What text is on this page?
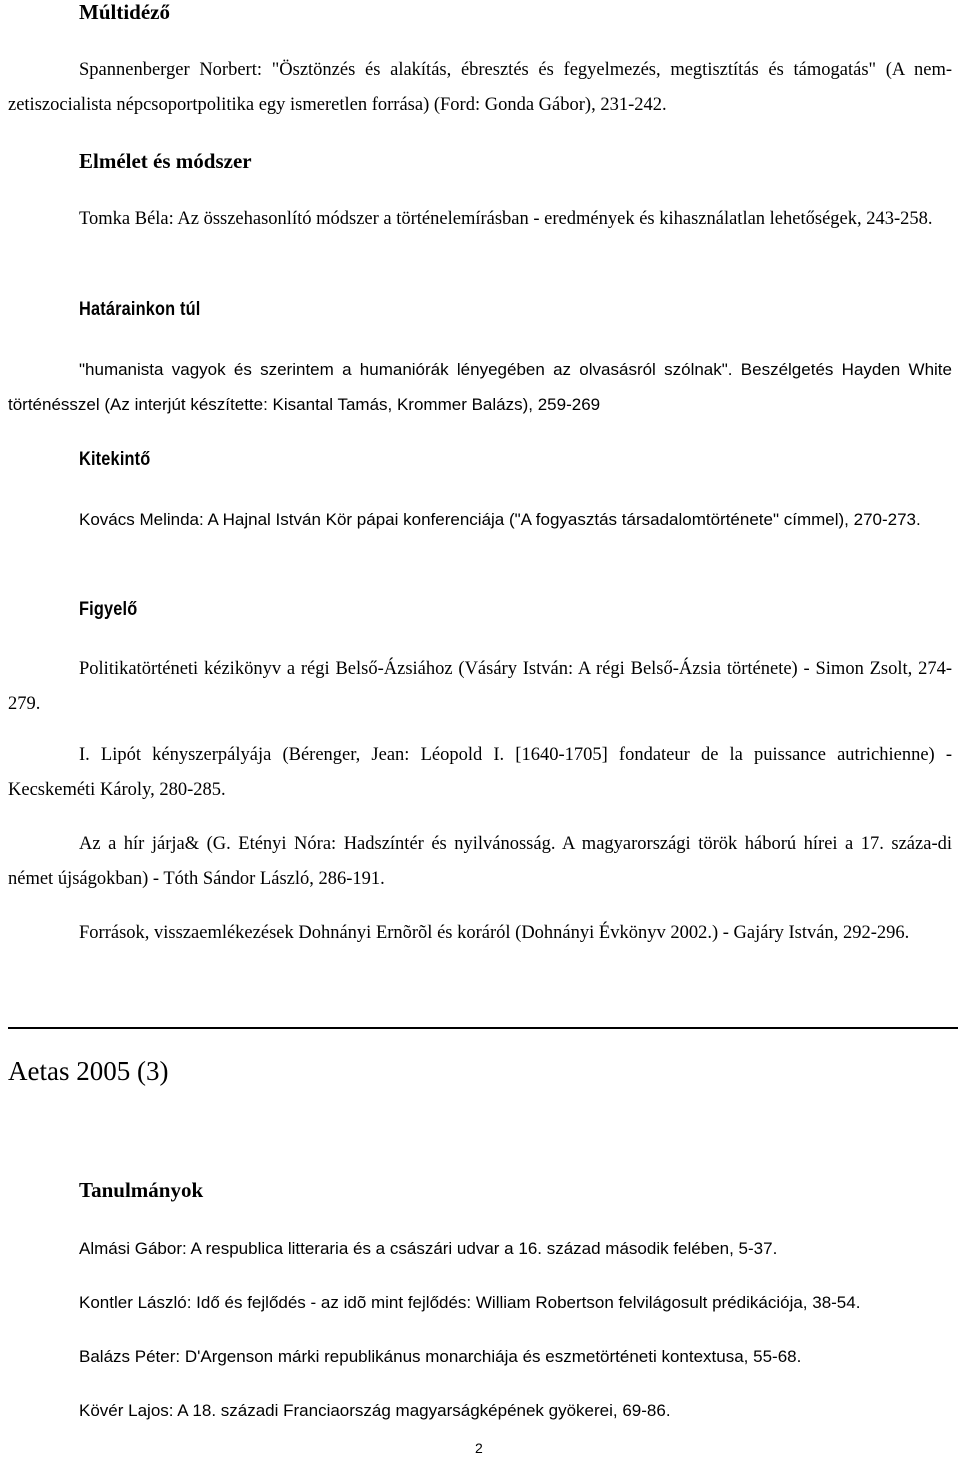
Múltidéző
Spannenberger Norbert: "Ösztönzés és alakítás, ébresztés és fegyelmezés, megtisztítás és támogatás" (A nem-zetiszocialista népcsoportpolitika egy ismeretlen forrása) (Ford: Gonda Gábor), 231-242.
Elmélet és módszer
Tomka Béla: Az összehasonlító módszer a történelemírásban - eredmények és kihasználatlan lehetőségek, 243-258.
Határainkon túl
"humanista vagyok és szerintem a humaniórák lényegében az olvasásról szólnak". Beszélgetés Hayden White történésszel (Az interjút készítette: Kisantal Tamás, Krommer Balázs), 259-269
Kitekintő
Kovács Melinda: A Hajnal István Kör pápai konferenciája ("A fogyasztás társadalomtörténete" címmel), 270-273.
Figyelő
Politikatörténeti kézikönyv a régi Belső-Ázsiához (Vásáry István: A régi Belső-Ázsia története) - Simon Zsolt, 274-279.
I. Lipót kényszerpályája (Bérenger, Jean: Léopold I. [1640-1705] fondateur de la puissance autrichienne) - Kecskeméti Károly, 280-285.
Az a hír járja& (G. Etényi Nóra: Hadszíntér és nyilvánosság. A magyarországi török háború hírei a 17. száza-di német újságokban) - Tóth Sándor László, 286-191.
Források, visszaemlékezések Dohnányi Ernõrõl és koráról (Dohnányi Évkönyv 2002.) - Gajáry István, 292-296.
Aetas 2005 (3)
Tanulmányok
Almási Gábor: A respublica litteraria és a császári udvar a 16. század második felében, 5-37.
Kontler László: Idő és fejlődés - az idõ mint fejlődés: William Robertson felvilágosult prédikációja, 38-54.
Balázs Péter: D'Argenson márki republikánus monarchiája és eszmetörténeti kontextusa, 55-68.
Kövér Lajos: A 18. századi Franciaország magyarságképének gyökerei, 69-86.
2
